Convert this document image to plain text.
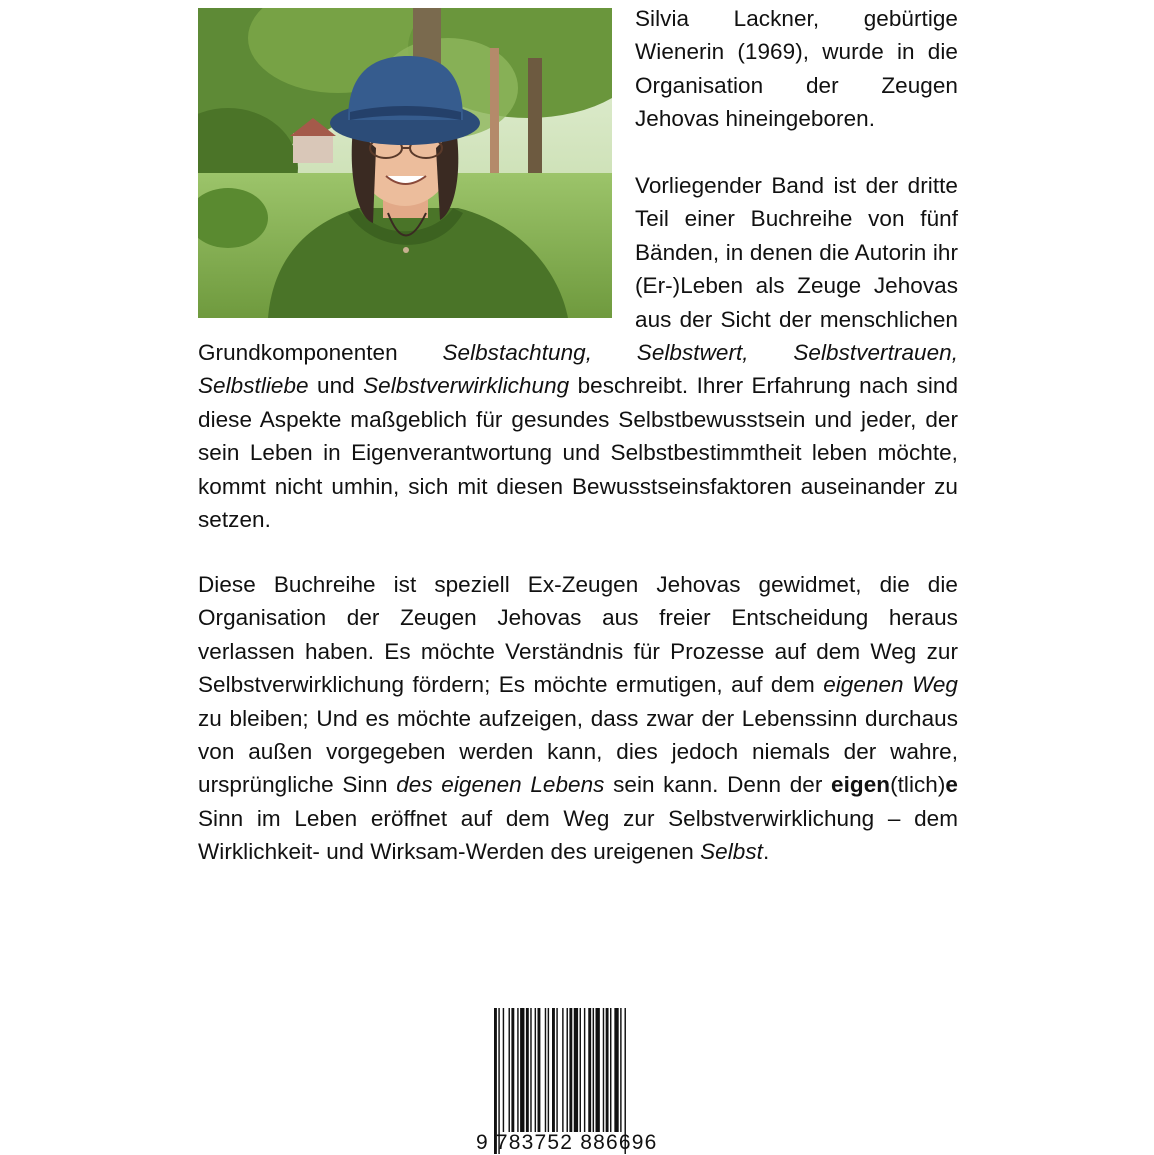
Silvia Lackner, gebürtige Wienerin (1969), wurde in die Organisation der Zeugen Jehovas hineingeboren.

Vorliegender Band ist der dritte Teil einer Buchreihe von fünf Bänden, in denen die Autorin ihr (Er-)Leben als Zeuge Jehovas aus der Sicht der menschlichen Grundkomponenten Selbstachtung, Selbstwert, Selbstvertrauen, Selbstliebe und Selbstverwirklichung beschreibt. Ihrer Erfahrung nach sind diese Aspekte maßgeblich für gesundes Selbstbewusstsein und jeder, der sein Leben in Eigenverantwortung und Selbstbestimmtheit leben möchte, kommt nicht umhin, sich mit diesen Bewusstseinsfaktoren auseinander zu setzen.

Diese Buchreihe ist speziell Ex-Zeugen Jehovas gewidmet, die die Organisation der Zeugen Jehovas aus freier Entscheidung heraus verlassen haben. Es möchte Verständnis für Prozesse auf dem Weg zur Selbstverwirklichung fördern; Es möchte ermutigen, auf dem eigenen Weg zu bleiben; Und es möchte aufzeigen, dass zwar der Lebenssinn durchaus von außen vorgegeben werden kann, dies jedoch niemals der wahre, ursprüngliche Sinn des eigenen Lebens sein kann. Denn der eigen(tlich)e Sinn im Leben eröffnet auf dem Weg zur Selbstverwirklichung – dem Wirklichkeit- und Wirksam-Werden des ureigenen Selbst.

9 783752 886696
